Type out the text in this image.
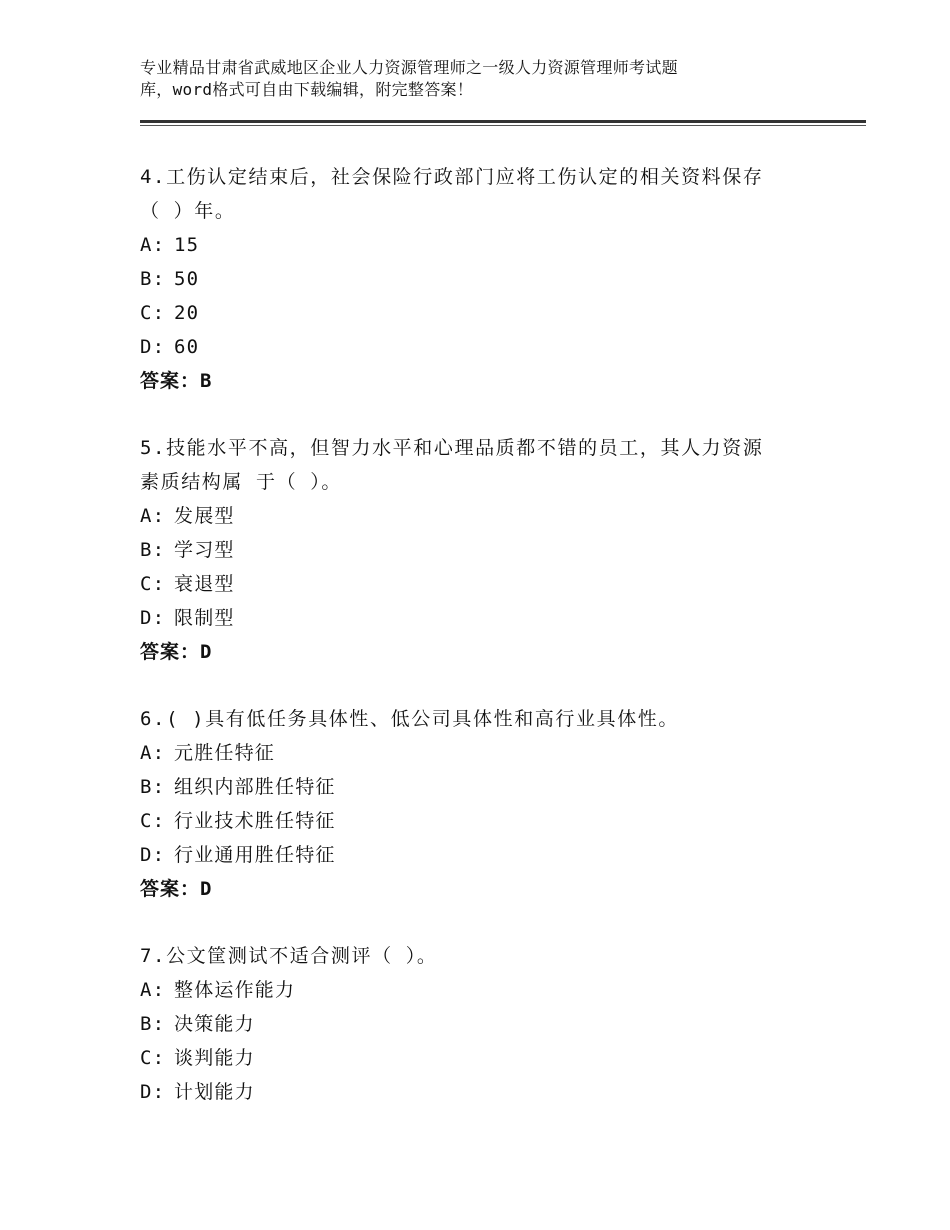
专业精品甘肃省武威地区企业人力资源管理师之一级人力资源管理师考试题
库，word格式可自由下载编辑，附完整答案！

4.工伤认定结束后，社会保险行政部门应将工伤认定的相关资料保存
（ ）年。

A: 15
B: 50
C: 20
D: 60
答案：B

5.技能水平不高，但智力水平和心理品质都不错的员工，其人力资源
素质结构属 于（ ）。

A: 发展型
B: 学习型
C: 衰退型
D: 限制型
答案：D

6.( )具有低任务具体性、低公司具体性和高行业具体性。

A: 元胜任特征
B: 组织内部胜任特征
C: 行业技术胜任特征
D: 行业通用胜任特征
答案：D

7.公文筐测试不适合测评（ ）。

A: 整体运作能力
B: 决策能力
C: 谈判能力
D: 计划能力
